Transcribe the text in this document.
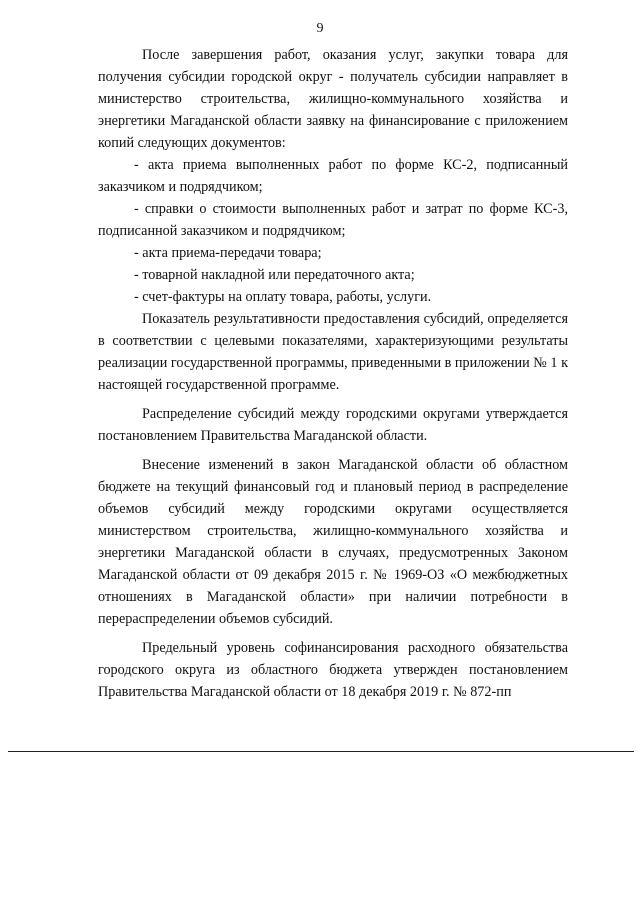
9

После завершения работ, оказания услуг, закупки товара для получения субсидии городской округ - получатель субсидии направляет в министерство строительства, жилищно-коммунального хозяйства и энергетики Магаданской области заявку на финансирование с приложением копий следующих документов:

- акта приема выполненных работ по форме КС-2, подписанный заказчиком и подрядчиком;

- справки о стоимости выполненных работ и затрат по форме КС-3, подписанной заказчиком и подрядчиком;

- акта приема-передачи товара;

- товарной накладной или передаточного акта;

- счет-фактуры на оплату товара, работы, услуги.

Показатель результативности предоставления субсидий, определяется в соответствии с целевыми показателями, характеризующими результаты реализации государственной программы, приведенными в приложении № 1 к настоящей государственной программе.

Распределение субсидий между городскими округами утверждается постановлением Правительства Магаданской области.

Внесение изменений в закон Магаданской области об областном бюджете на текущий финансовый год и плановый период в распределение объемов субсидий между городскими округами осуществляется министерством строительства, жилищно-коммунального хозяйства и энергетики Магаданской области в случаях, предусмотренных Законом Магаданской области от 09 декабря 2015 г. № 1969-ОЗ «О межбюджетных отношениях в Магаданской области» при наличии потребности в перераспределении объемов субсидий.

Предельный уровень софинансирования расходного обязательства городского округа из областного бюджета утвержден постановлением Правительства Магаданской области от 18 декабря 2019 г. № 872-пп
